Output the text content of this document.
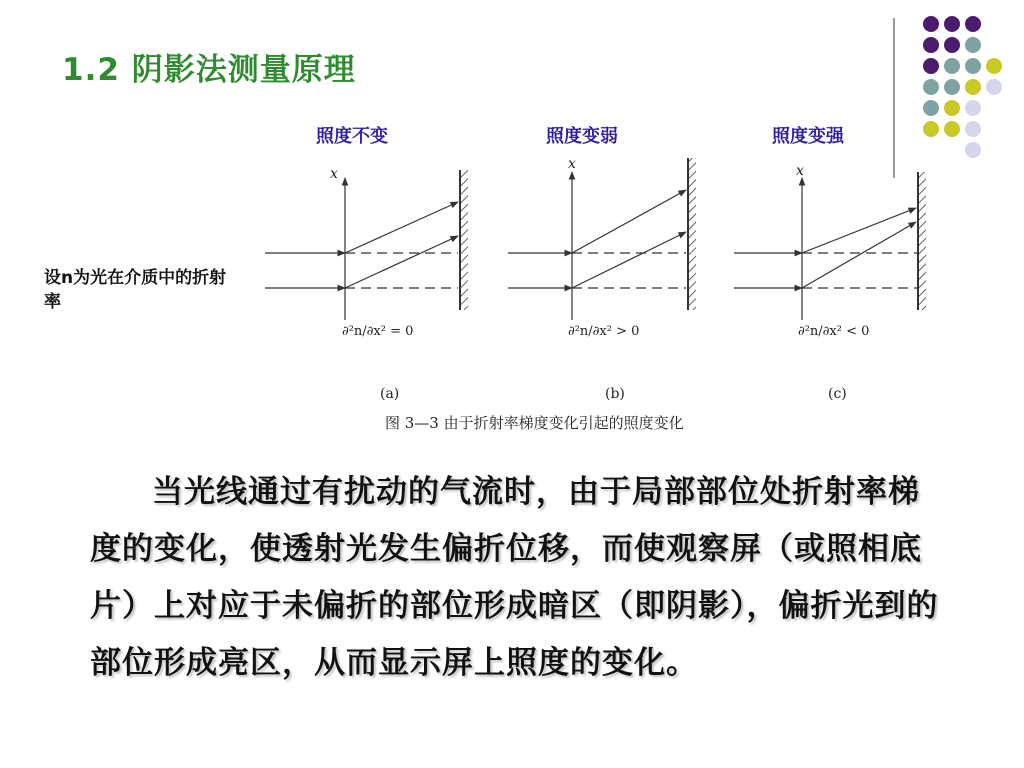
1.2 阴影法测量原理
照度不变	照度变弱	照度变强
设n为光在介质中的折射率
x
∂²n/∂x² = 0
(a)
x
∂²n/∂x² > 0
(b)
x
∂²n/∂x² < 0
(c)
图 3—3 由于折射率梯度变化引起的照度变化
当光线通过有扰动的气流时，由于局部部位处折射率梯度的变化，使透射光发生偏折位移，而使观察屏（或照相底片）上对应于未偏折的部位形成暗区（即阴影），偏折光到的部位形成亮区，从而显示屏上照度的变化。
